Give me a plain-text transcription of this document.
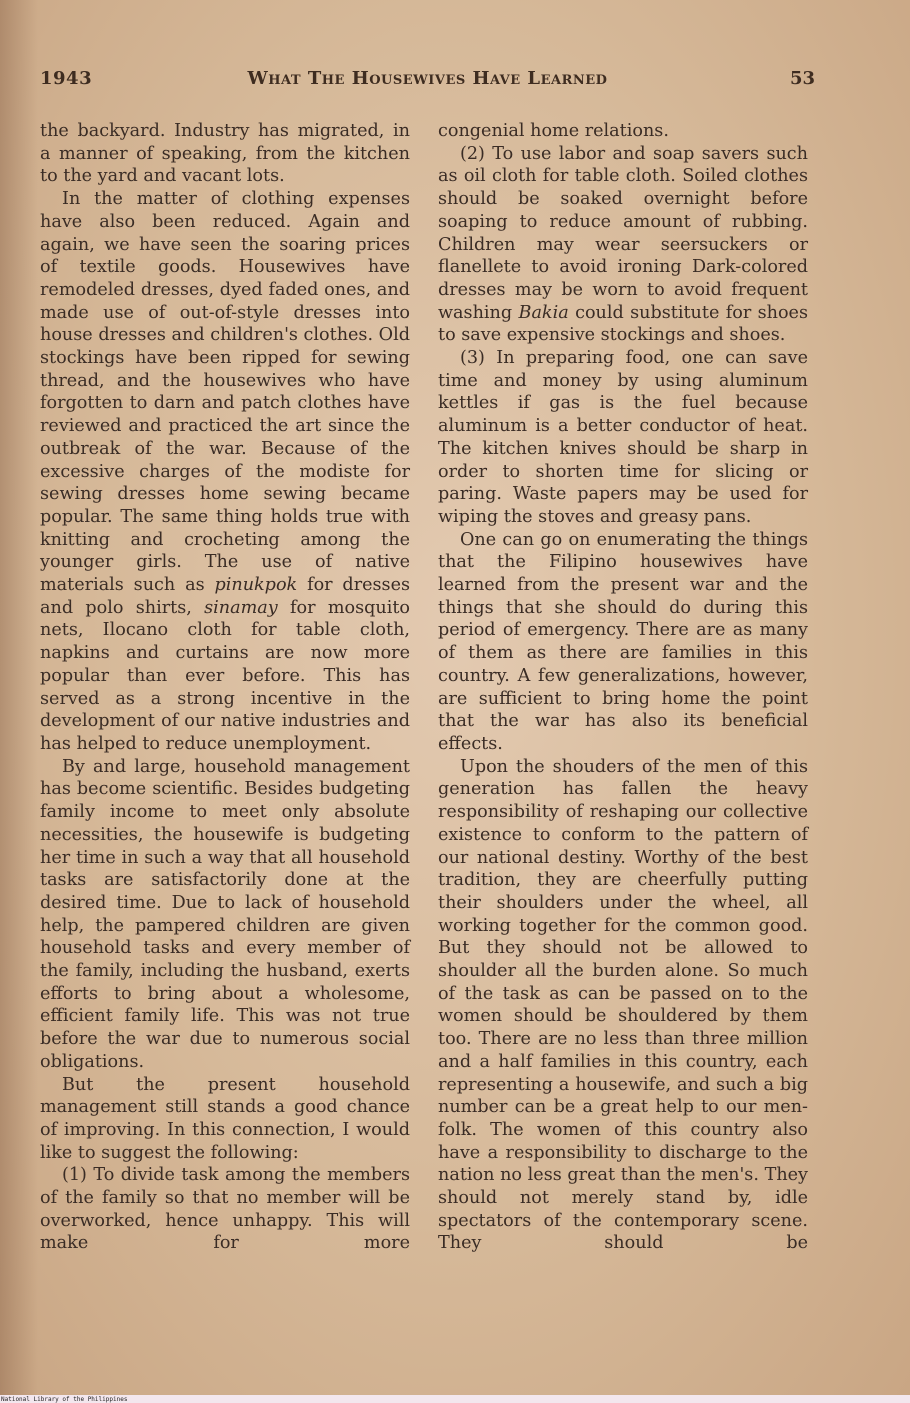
1943	What The Housewives Have Learned	53

the backyard. Industry has migrated, in a manner of speaking, from the kitchen to the yard and vacant lots.

In the matter of clothing expenses have also been reduced. Again and again, we have seen the soaring prices of textile goods. Housewives have remodeled dresses, dyed faded ones, and made use of out-of-style dresses into house dresses and children's clothes. Old stockings have been ripped for sewing thread, and the housewives who have forgotten to darn and patch clothes have reviewed and practiced the art since the outbreak of the war. Because of the excessive charges of the modiste for sewing dresses home sewing became popular. The same thing holds true with knitting and crocheting among the younger girls. The use of native materials such as pinukpok for dresses and polo shirts, sinamay for mosquito nets, Ilocano cloth for table cloth, napkins and curtains are now more popular than ever before. This has served as a strong incentive in the development of our native industries and has helped to reduce unemployment.

By and large, household management has become scientific. Besides budgeting family income to meet only absolute necessities, the housewife is budgeting her time in such a way that all household tasks are satisfactorily done at the desired time. Due to lack of household help, the pampered children are given household tasks and every member of the family, including the husband, exerts efforts to bring about a wholesome, efficient family life. This was not true before the war due to numerous social obligations.

But the present household management still stands a good chance of improving. In this connection, I would like to suggest the following:

(1) To divide task among the members of the family so that no member will be overworked, hence unhappy. This will make for more

congenial home relations.

(2) To use labor and soap savers such as oil cloth for table cloth. Soiled clothes should be soaked overnight before soaping to reduce amount of rubbing. Children may wear seersuckers or flanellete to avoid ironing Dark-colored dresses may be worn to avoid frequent washing Bakia could substitute for shoes to save expensive stockings and shoes.

(3) In preparing food, one can save time and money by using aluminum kettles if gas is the fuel because aluminum is a better conductor of heat. The kitchen knives should be sharp in order to shorten time for slicing or paring. Waste papers may be used for wiping the stoves and greasy pans.

One can go on enumerating the things that the Filipino housewives have learned from the present war and the things that she should do during this period of emergency. There are as many of them as there are families in this country. A few generalizations, however, are sufficient to bring home the point that the war has also its beneficial effects.

Upon the shouders of the men of this generation has fallen the heavy responsibility of reshaping our collective existence to conform to the pattern of our national destiny. Worthy of the best tradition, they are cheerfully putting their shoulders under the wheel, all working together for the common good. But they should not be allowed to shoulder all the burden alone. So much of the task as can be passed on to the women should be shouldered by them too. There are no less than three million and a half families in this country, each representing a housewife, and such a big number can be a great help to our men-folk. The women of this country also have a responsibility to discharge to the nation no less great than the men's. They should not merely stand by, idle spectators of the contemporary scene. They should be

National Library of the Philippines
